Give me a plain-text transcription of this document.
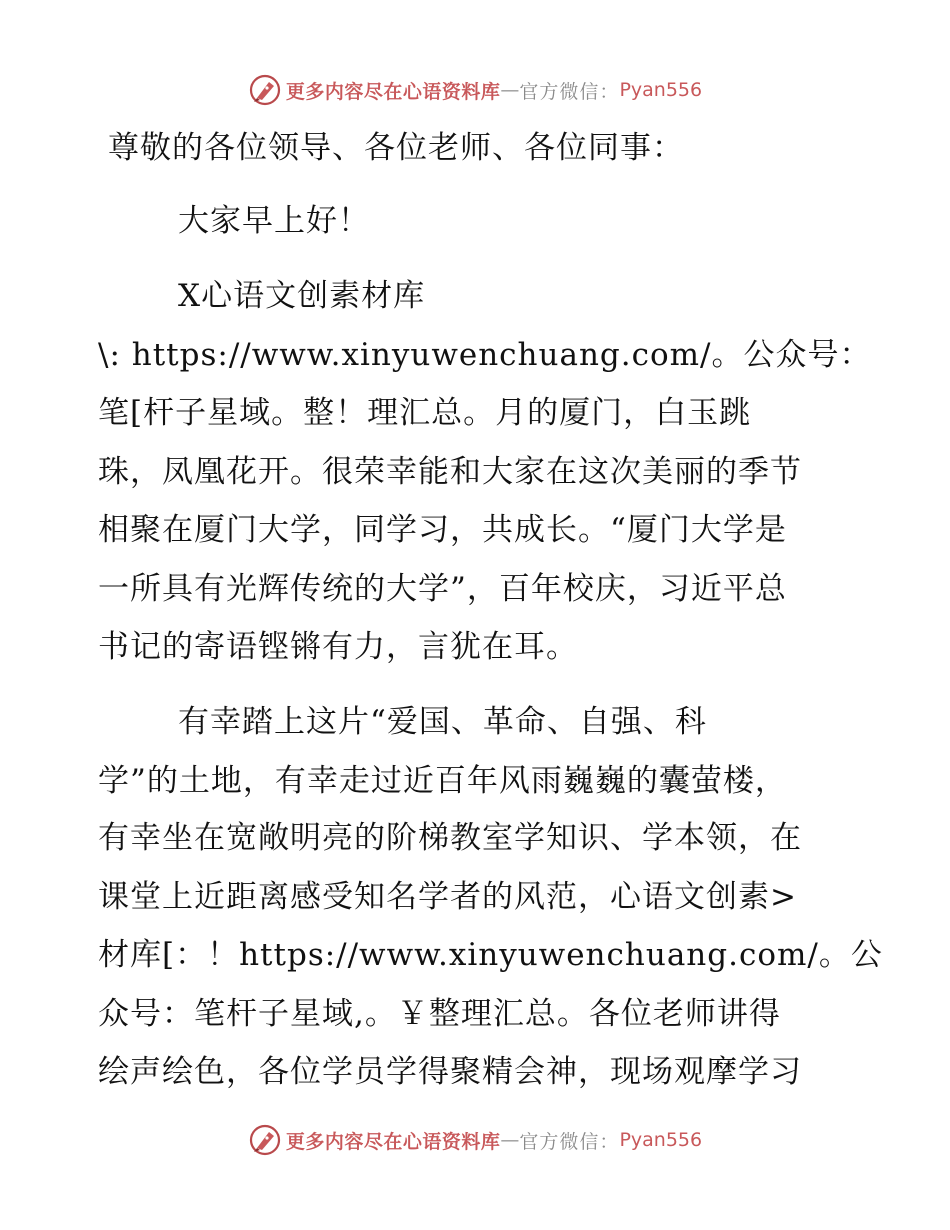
更多内容尽在心语资料库 — 官方微信： Pyan556
尊敬的各位领导、各位老师、各位同事：
大家早上好！
X心语文创素材库
\: https://www.xinyuwenchuang.com/。公众号：
笔[杆子星域。整！理汇总。月的厦门，白玉跳
珠，凤凰花开。很荣幸能和大家在这次美丽的季节
相聚在厦门大学，同学习，共成长。“厦门大学是
一所具有光辉传统的大学”，百年校庆，习近平总
书记的寄语铿锵有力，言犹在耳。
有幸踏上这片“爱国、革命、自强、科
学”的土地，有幸走过近百年风雨巍巍的囊萤楼，
有幸坐在宽敞明亮的阶梯教室学知识、学本领，在
课堂上近距离感受知名学者的风范，心语文创素>
材库[：！https://www.xinyuwenchuang.com/。公
众号：笔杆子星域,。￥整理汇总。各位老师讲得
绘声绘色，各位学员学得聚精会神，现场观摩学习
更多内容尽在心语资料库 — 官方微信： Pyan556
